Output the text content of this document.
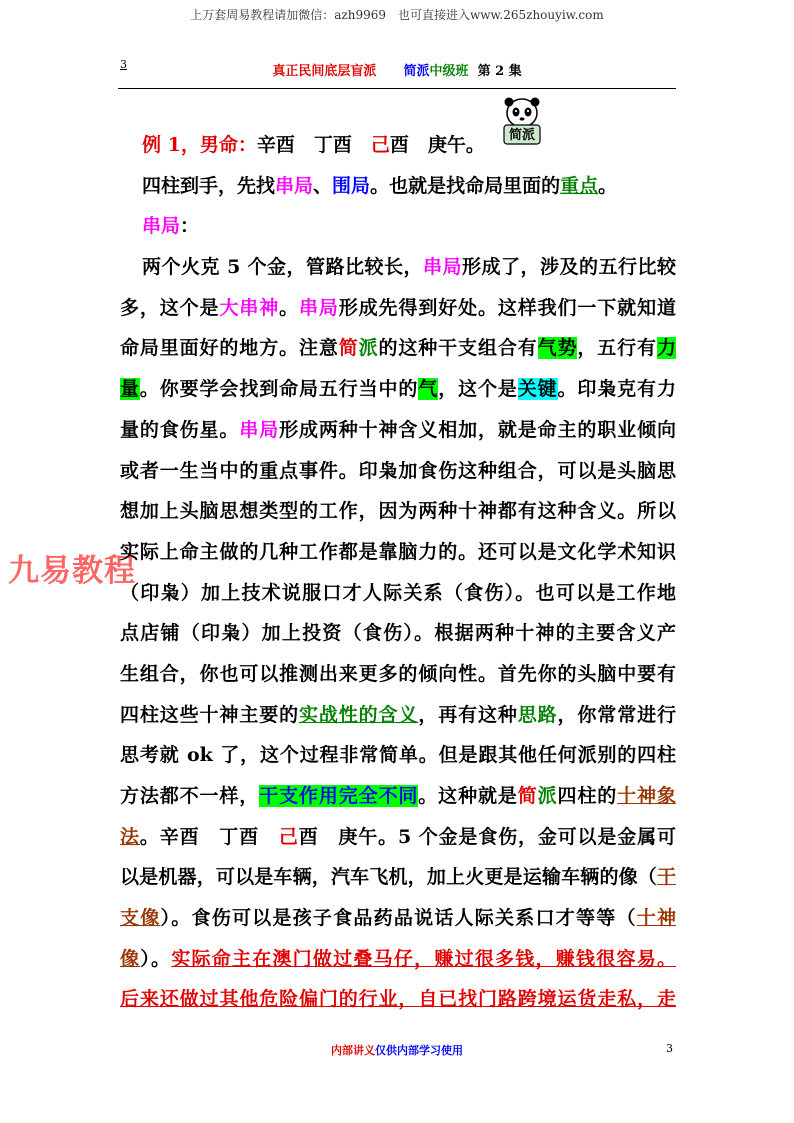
上万套周易教程请加微信：azh9969　也可直接进入www.265zhouyiw.com
3	真正民间底层盲派 简派中级班 第 2 集
简派
九易教程
例 1，男命：辛酉　丁酉　己酉　庚午。
四柱到手，先找串局、围局。也就是找命局里面的重点。
串局：
两个火克 5 个金，管路比较长，串局形成了，涉及的五行比较
多，这个是大串神。串局形成先得到好处。这样我们一下就知道
命局里面好的地方。注意简派的这种干支组合有气势，五行有力
量。你要学会找到命局五行当中的气，这个是关键。印枭克有力
量的食伤星。串局形成两种十神含义相加，就是命主的职业倾向
或者一生当中的重点事件。印枭加食伤这种组合，可以是头脑思
想加上头脑思想类型的工作，因为两种十神都有这种含义。所以
实际上命主做的几种工作都是靠脑力的。还可以是文化学术知识
（印枭）加上技术说服口才人际关系（食伤）。也可以是工作地
点店铺（印枭）加上投资（食伤）。根据两种十神的主要含义产
生组合，你也可以推测出来更多的倾向性。首先你的头脑中要有
四柱这些十神主要的实战性的含义，再有这种思路，你常常进行
思考就 ok 了，这个过程非常简单。但是跟其他任何派别的四柱
方法都不一样，干支作用完全不同。这种就是简派四柱的十神象
法。辛酉　丁酉　己酉　庚午。5 个金是食伤，金可以是金属可
以是机器，可以是车辆，汽车飞机，加上火更是运输车辆的像（干
支像）。食伤可以是孩子食品药品说话人际关系口才等等（十神
像）。实际命主在澳门做过叠马仔，赚过很多钱，赚钱很容易。
后来还做过其他危险偏门的行业，自已找门路跨境运货走私，走
内部讲义仅供内部学习使用	3
